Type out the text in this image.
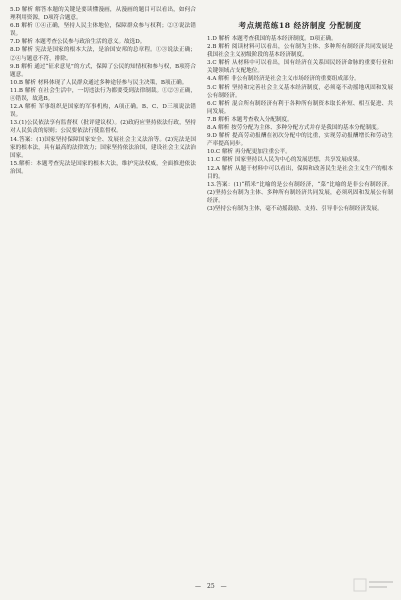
5.D 解析 解答本题的关键是要读懂漫画，从漫画的题目可以看出，如何合理利用资源，D项符合题意。

6.B 解析 ①④正确，坚持人民主体地位，保障群众参与权利；②③说法错误。

7.D 解析 本题考查公民参与政治生活的意义。故选D。

8.D 解析 宪法是国家的根本大法，是治国安邦的总章程。①③说法正确；②④与题意不符，排除。

9.B 解析 通过“征求意见”的方式，保障了公民的知情权和参与权，B项符合题意。

10.B 解析 材料体现了人民群众通过多种途径参与民主决策，B项正确。

11.B 解析 在社会生活中，一切违法行为都要受到法律制裁。①②③正确，④错误，故选B。

12.A 解析 军事组织是国家的军事机构，A项正确。B、C、D三项说法错误。

13.(1)公民依法享有监督权（批评建议权）。(2)政府应坚持依法行政，坚持对人民负责的原则；公民要依法行使监督权。

14.答案：(1)国家坚持保障国家安全、发展社会主义法治等。(2)宪法是国家的根本法，具有最高的法律效力；国家坚持依法治国，建设社会主义法治国家。

15.解析：本题考查宪法是国家的根本大法，维护宪法权威，全面推进依法治国。

考点规范练18 经济制度 分配制度

1.D 解析 本题考查我国的基本经济制度。D项正确。

2.B 解析 阅读材料可以看出，公有制为主体、多种所有制经济共同发展是我国社会主义初级阶段的基本经济制度。

3.C 解析 从材料中可以看出，国有经济在关系国民经济命脉的重要行业和关键领域占支配地位。

4.A 解析 非公有制经济是社会主义市场经济的重要组成部分。

5.C 解析 坚持和完善社会主义基本经济制度，必须毫不动摇地巩固和发展公有制经济。

6.C 解析 混合所有制经济有利于各种所有制资本取长补短、相互促进、共同发展。

7.B 解析 本题考查收入分配制度。

8.A 解析 按劳分配为主体、多种分配方式并存是我国的基本分配制度。

9.D 解析 提高劳动报酬在初次分配中的比重，实现劳动报酬增长和劳动生产率提高同步。

10.C 解析 再分配更加注重公平。

11.C 解析 国家坚持以人民为中心的发展思想，共享发展成果。

12.A 解析 从题干材料中可以看出，保障和改善民生是社会主义生产的根本目的。

13.答案：(1)“稻米”比喻的是公有制经济，“菜”比喻的是非公有制经济。(2)坚持公有制为主体、多种所有制经济共同发展，必须巩固和发展公有制经济。

(3)坚持公有制为主体，毫不动摇鼓励、支持、引导非公有制经济发展。

— 25 —
